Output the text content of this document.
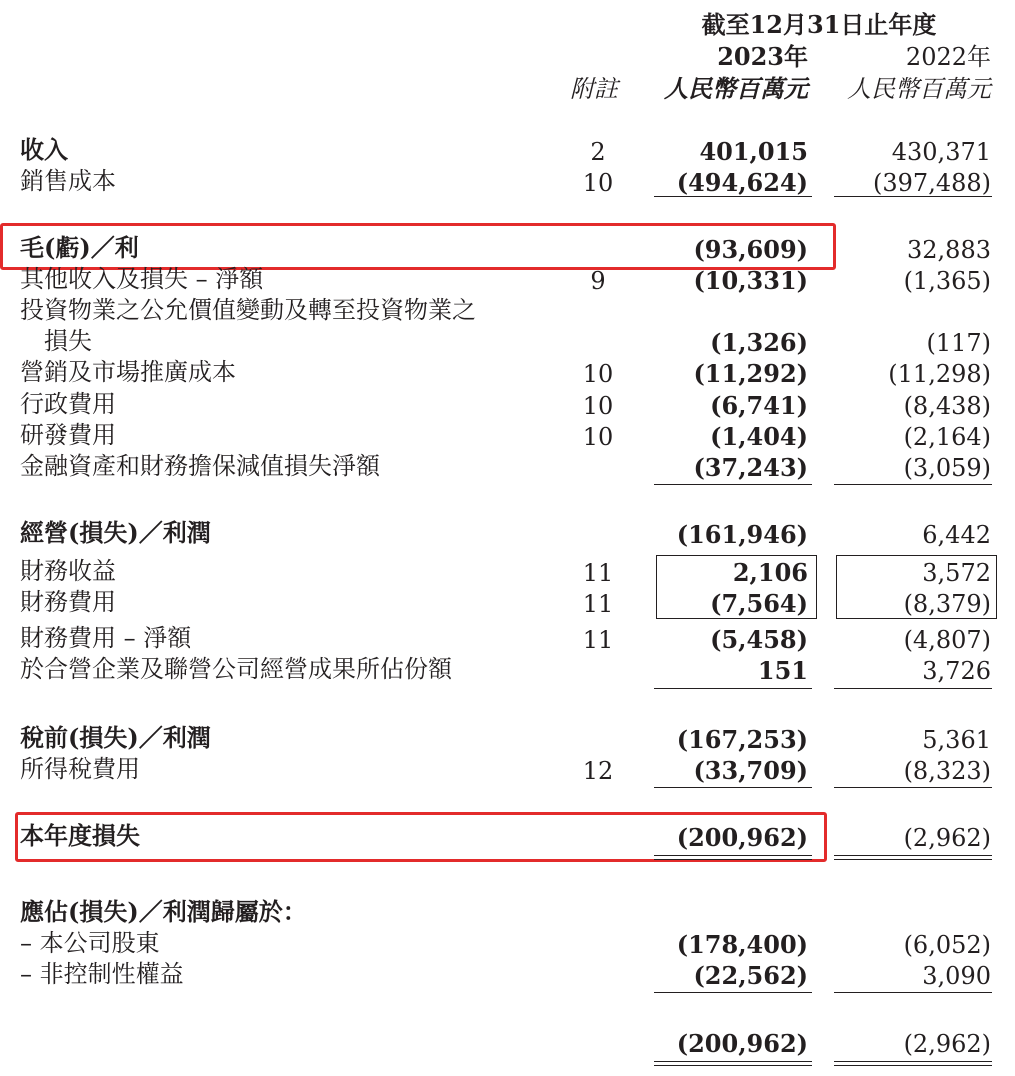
截至12月31日止年度
2023年	2022年
附註 人民幣百萬元 人民幣百萬元
收入	2	401,015	430,371
銷售成本	10	(494,624)	(397,488)
毛(虧)／利	(93,609)	32,883
其他收入及損失 – 淨額	9	(10,331)	(1,365)
投資物業之公允價值變動及轉至投資物業之
損失	(1,326)	(117)
營銷及市場推廣成本	10	(11,292)	(11,298)
行政費用	10	(6,741)	(8,438)
研發費用	10	(1,404)	(2,164)
金融資產和財務擔保減值損失淨額	(37,243)	(3,059)
經營(損失)／利潤	(161,946)	6,442
財務收益	11	2,106	3,572
財務費用	11	(7,564)	(8,379)
財務費用 – 淨額	11	(5,458)	(4,807)
於合營企業及聯營公司經營成果所佔份額	151	3,726
稅前(損失)／利潤	(167,253)	5,361
所得稅費用	12	(33,709)	(8,323)
本年度損失	(200,962)	(2,962)
應佔(損失)／利潤歸屬於：
– 本公司股東	(178,400)	(6,052)
– 非控制性權益	(22,562)	3,090
(200,962)	(2,962)
